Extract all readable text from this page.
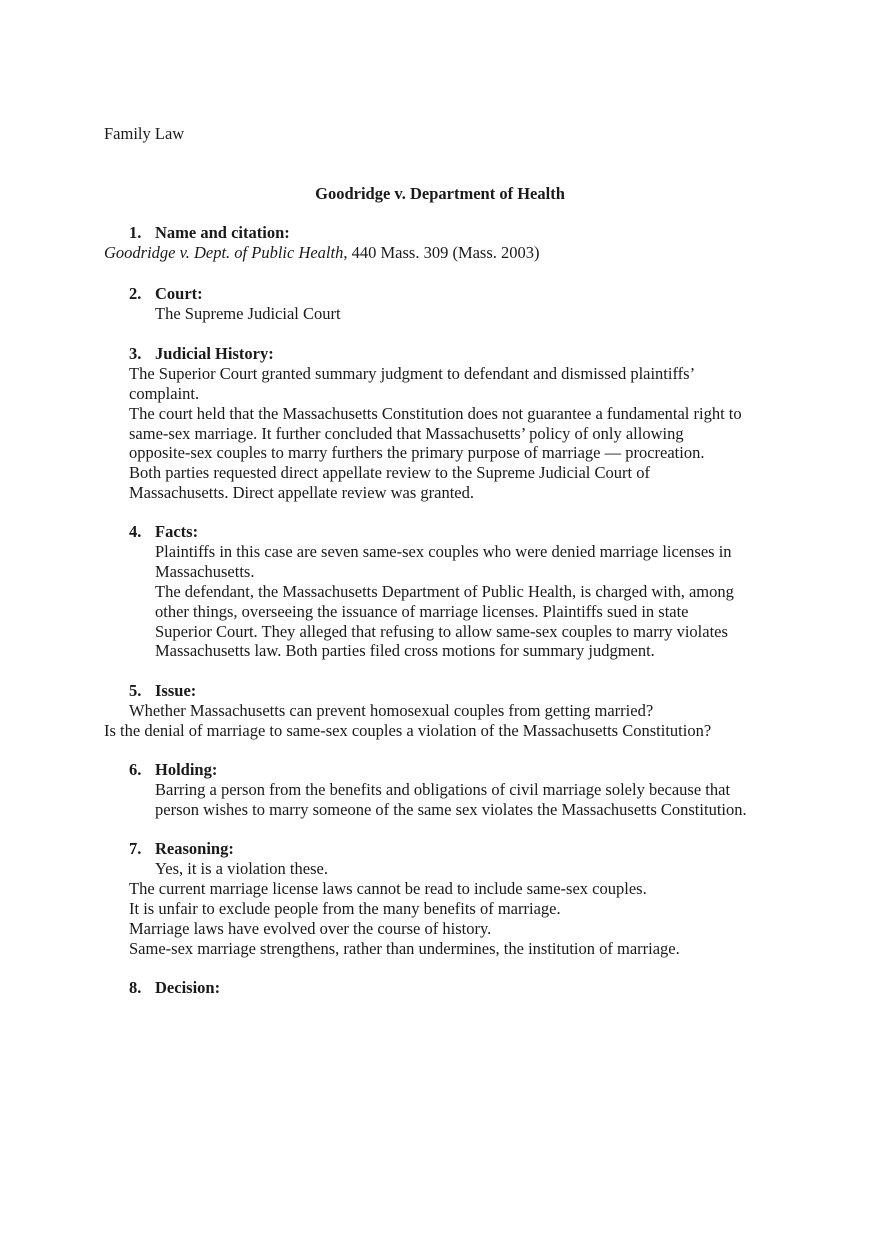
Family Law
Goodridge v. Department of Health
1. Name and citation:
Goodridge v. Dept. of Public Health, 440 Mass. 309 (Mass. 2003)
2. Court:
The Supreme Judicial Court
3. Judicial History:
The Superior Court granted summary judgment to defendant and dismissed plaintiffs’
complaint.
The court held that the Massachusetts Constitution does not guarantee a fundamental right to
same-sex marriage. It further concluded that Massachusetts’ policy of only allowing
opposite-sex couples to marry furthers the primary purpose of marriage — procreation.
Both parties requested direct appellate review to the Supreme Judicial Court of
Massachusetts. Direct appellate review was granted.
4. Facts:
Plaintiffs in this case are seven same-sex couples who were denied marriage licenses in
Massachusetts.
The defendant, the Massachusetts Department of Public Health, is charged with, among
other things, overseeing the issuance of marriage licenses. Plaintiffs sued in state
Superior Court. They alleged that refusing to allow same-sex couples to marry violates
Massachusetts law. Both parties filed cross motions for summary judgment.
5. Issue:
Whether Massachusetts can prevent homosexual couples from getting married?
Is the denial of marriage to same-sex couples a violation of the Massachusetts Constitution?
6. Holding:
Barring a person from the benefits and obligations of civil marriage solely because that
person wishes to marry someone of the same sex violates the Massachusetts Constitution.
7. Reasoning:
Yes, it is a violation these.
The current marriage license laws cannot be read to include same-sex couples.
It is unfair to exclude people from the many benefits of marriage.
Marriage laws have evolved over the course of history.
Same-sex marriage strengthens, rather than undermines, the institution of marriage.
8. Decision:
